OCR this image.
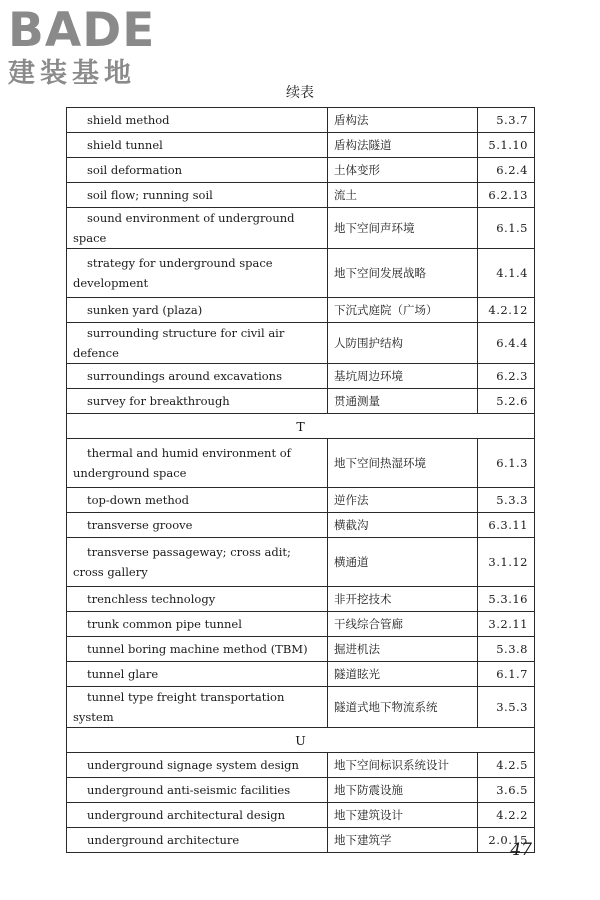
BADE
建装基地
续表
shield method	盾构法	5.3.7
shield tunnel	盾构法隧道	5.1.10
soil deformation	土体变形	6.2.4
soil flow; running soil	流土	6.2.13
sound environment of underground space	地下空间声环境	6.1.5
strategy for underground space development	地下空间发展战略	4.1.4
sunken yard (plaza)	下沉式庭院（广场）	4.2.12
surrounding structure for civil air defence	人防围护结构	6.4.4
surroundings around excavations	基坑周边环境	6.2.3
survey for breakthrough	贯通测量	5.2.6
T		
thermal and humid environment of underground space	地下空间热湿环境	6.1.3
top-down method	逆作法	5.3.3
transverse groove	横截沟	6.3.11
transverse passageway; cross adit; cross gallery	横通道	3.1.12
trenchless technology	非开挖技术	5.3.16
trunk common pipe tunnel	干线综合管廊	3.2.11
tunnel boring machine method (TBM)	掘进机法	5.3.8
tunnel glare	隧道眩光	6.1.7
tunnel type freight transportation system	隧道式地下物流系统	3.5.3
U		
underground signage system design	地下空间标识系统设计	4.2.5
underground anti-seismic facilities	地下防震设施	3.6.5
underground architectural design	地下建筑设计	4.2.2
underground architecture	地下建筑学	2.0.15
47
